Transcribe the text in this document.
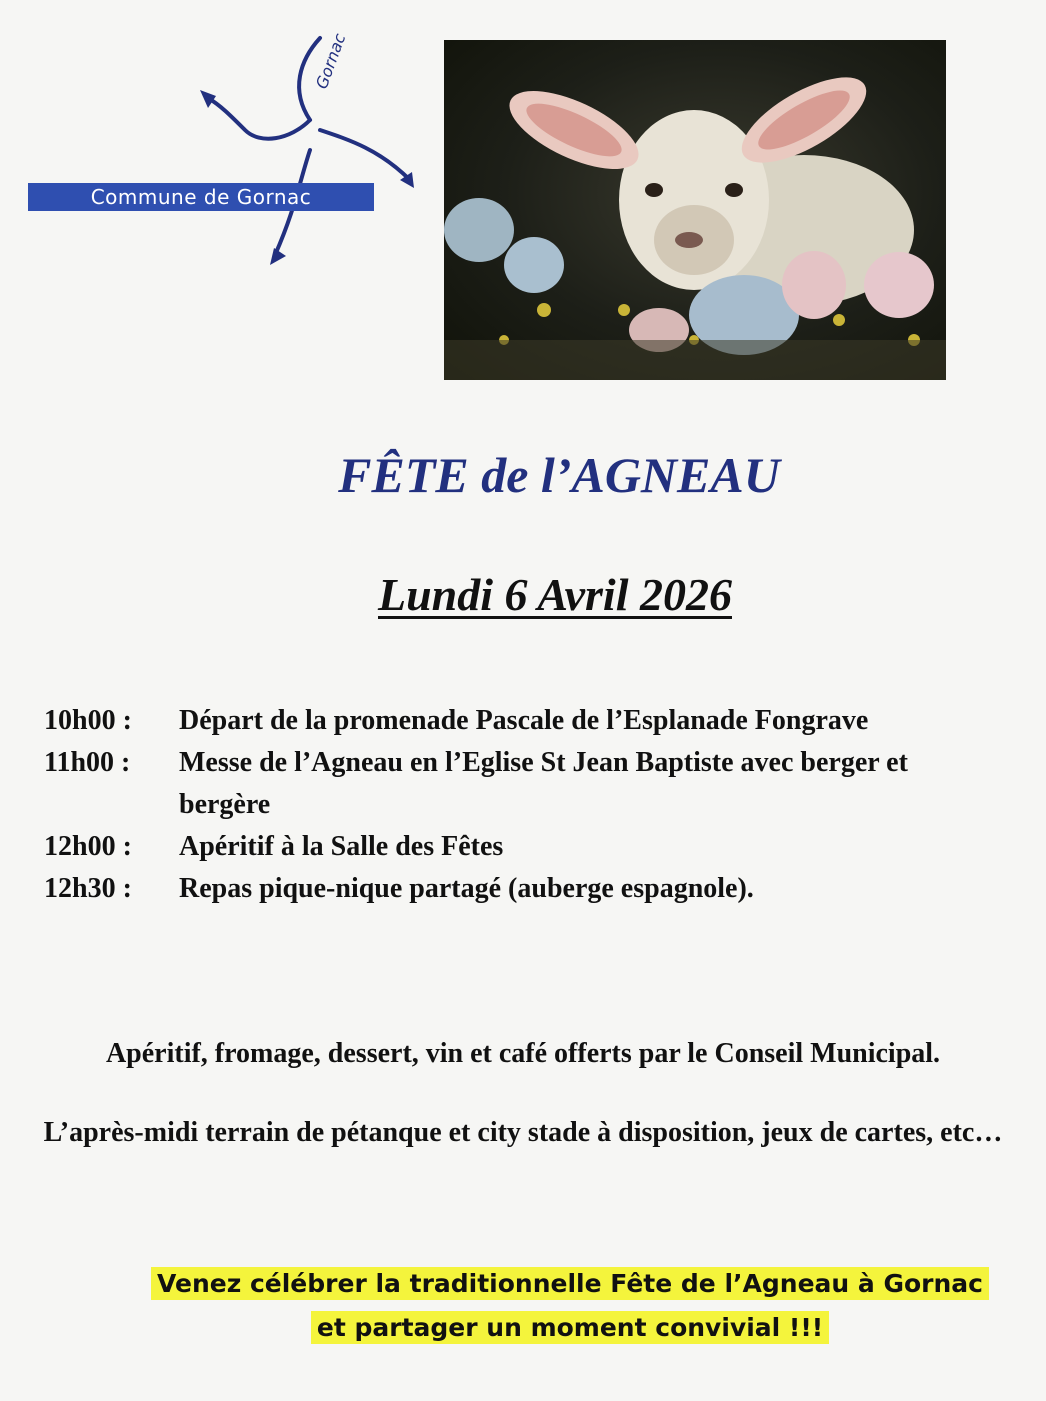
Gornac
Commune de Gornac
FÊTE de l’AGNEAU
Lundi 6 Avril 2026
10h00 :	Départ de la promenade Pascale de l’Esplanade Fongrave
11h00 :	Messe de l’Agneau en l’Eglise St Jean Baptiste avec berger et bergère
12h00 :	Apéritif à la Salle des Fêtes
12h30 :	Repas pique-nique partagé (auberge espagnole).
Apéritif, fromage, dessert, vin et café offerts par le Conseil Municipal.
L’après-midi terrain de pétanque et city stade à disposition, jeux de cartes, etc…
Venez célébrer la traditionnelle Fête de l’Agneau à Gornac et partager un moment convivial !!!
